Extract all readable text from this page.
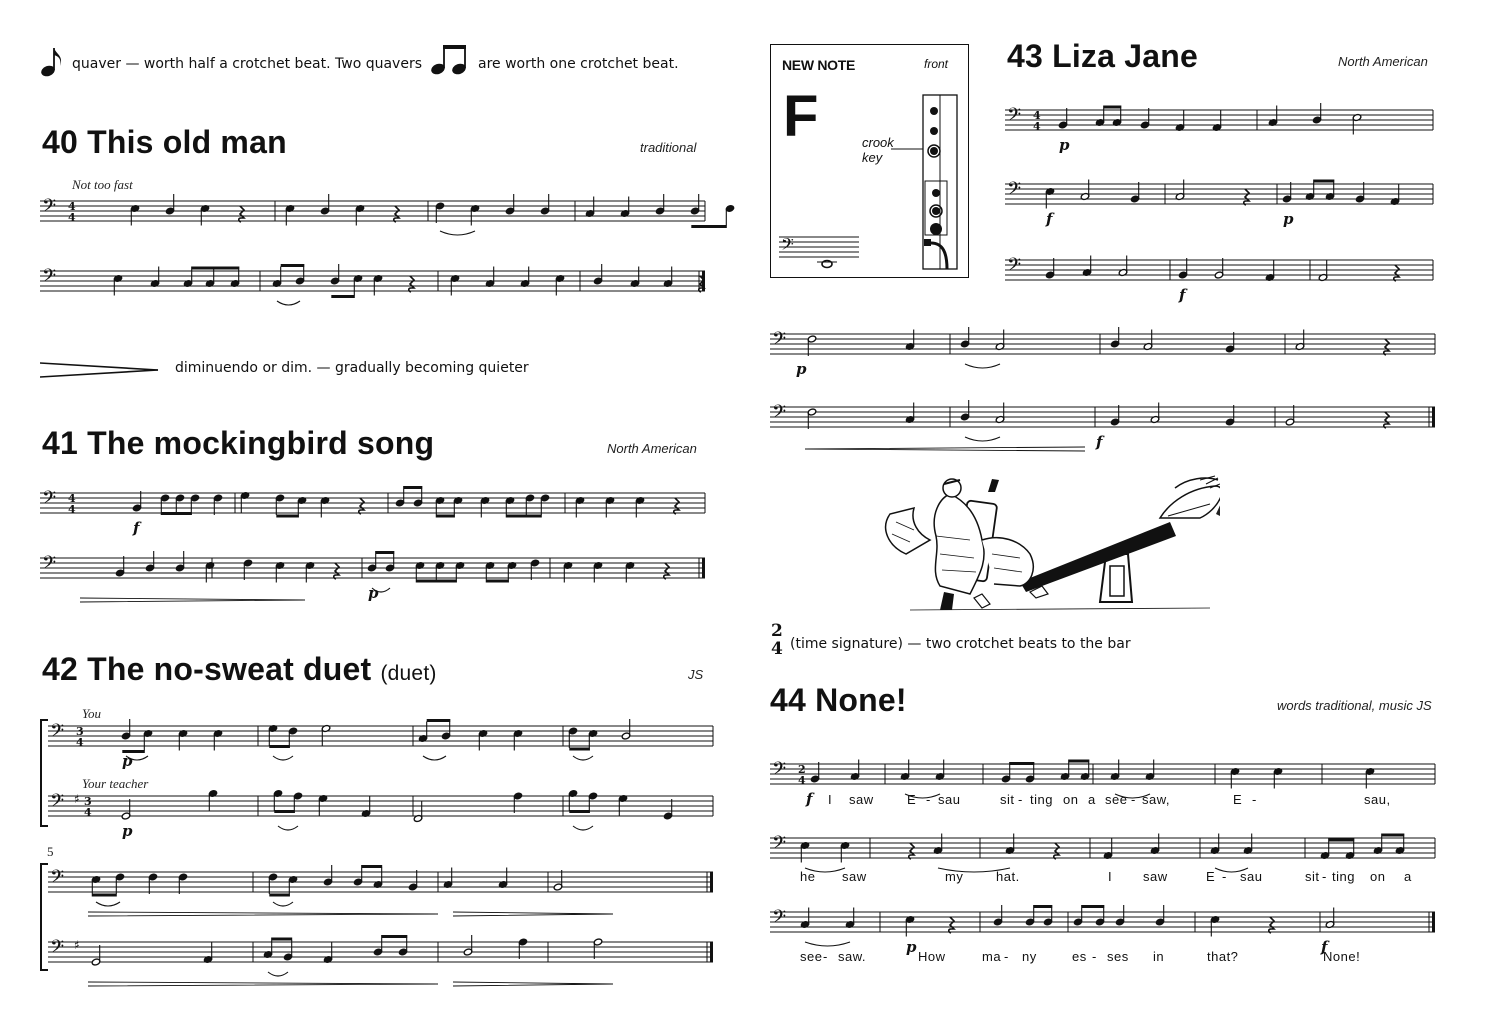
quaver — worth half a crotchet beat. Two quavers	are worth one crotchet beat.
40 This old man	traditional
Not too fast
𝄢 4
4
𝄢
diminuendo or dim. — gradually becoming quieter
41 The mockingbird song	North American
𝄢 4
4
f
𝄢
p
42 The no-sweat duet (duet)	JS
You
Your teacher
𝄢 3
4
p
𝄢 ♯ 3
4
p
5
𝄢
𝄢 ♯
NEW NOTE	front
F	crook
key
𝄢
43 Liza Jane	North American
𝄢 4
4
p
𝄢
f	p
𝄢
f
𝄢
p
𝄢
f
2
4 (time signature) — two crotchet beats to the bar
44 None!	words traditional, music JS
𝄢 2
4
f
𝄢
𝄢
p	f
I saw	E - sau	sit - ting on a see - saw,	E -	sau,
he saw	my	hat.	I saw	E - sau	sit - ting on a
see - saw.	How	ma - ny	es - ses in	that?	None!
